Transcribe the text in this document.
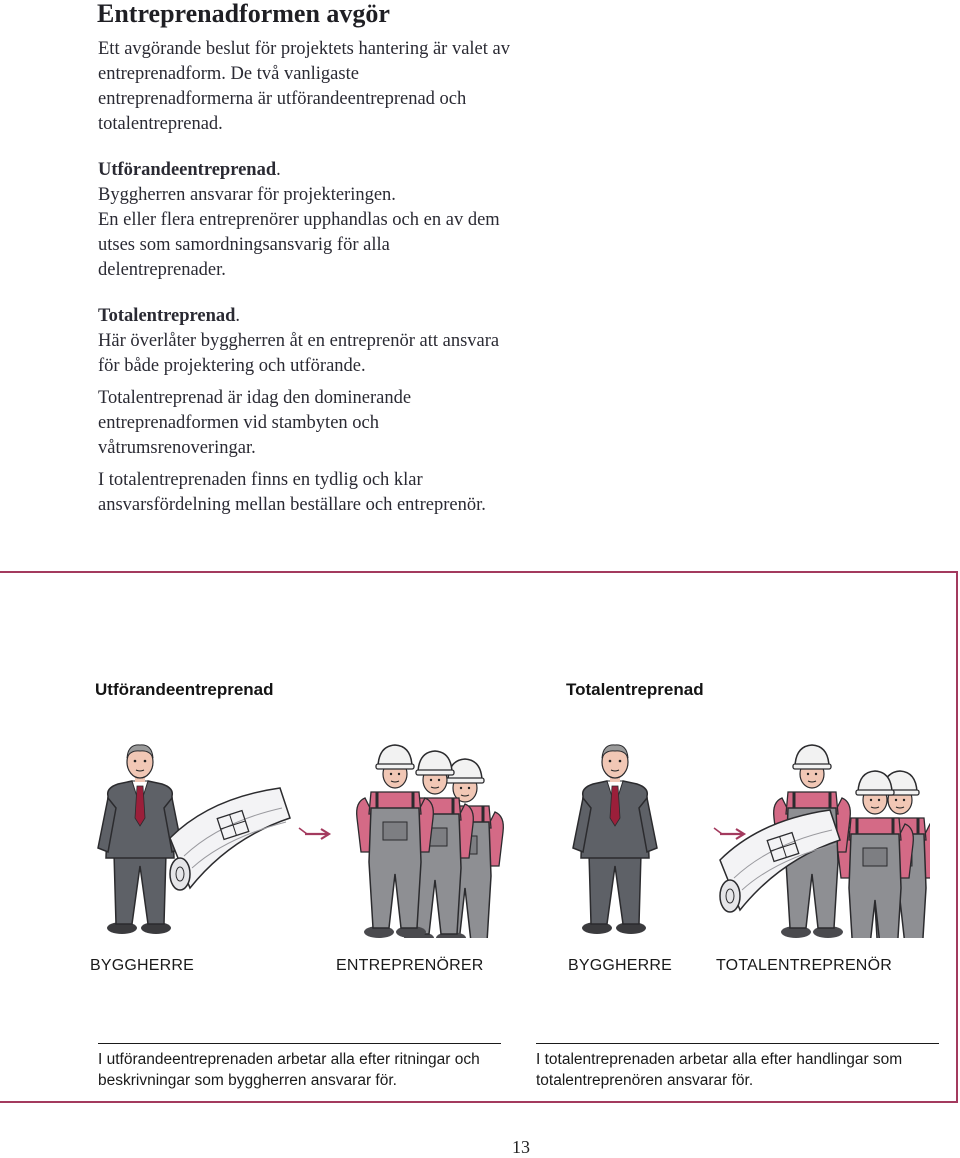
Entreprenadformen avgör

Ett avgörande beslut för projektets hantering är valet av entreprenadform. De två vanligaste entreprenadformerna är utförandeentreprenad och totalentreprenad.

Utförandeentreprenad.

Byggherren ansvarar för projekteringen.

En eller flera entreprenörer upphandlas och en av dem utses som samordningsansvarig för alla delentreprenader.

Totalentreprenad.

Här överlåter byggherren åt en entreprenör att ansvara för både projektering och utförande.

Totalentreprenad är idag den dominerande entreprenadformen vid stambyten och våtrumsrenoveringar.

I totalentreprenaden finns en tydlig och klar ansvarsfördelning mellan beställare och entreprenör.

Utförandeentreprenad	Totalentreprenad
BYGGHERRE	ENTREPRENÖRER	BYGGHERRE	TOTALENTREPRENÖR
I utförandeentreprenaden arbetar alla efter ritningar och beskrivningar som byggherren ansvarar för.
I totalentreprenaden arbetar alla efter handlingar som totalentreprenören ansvarar för.
13
